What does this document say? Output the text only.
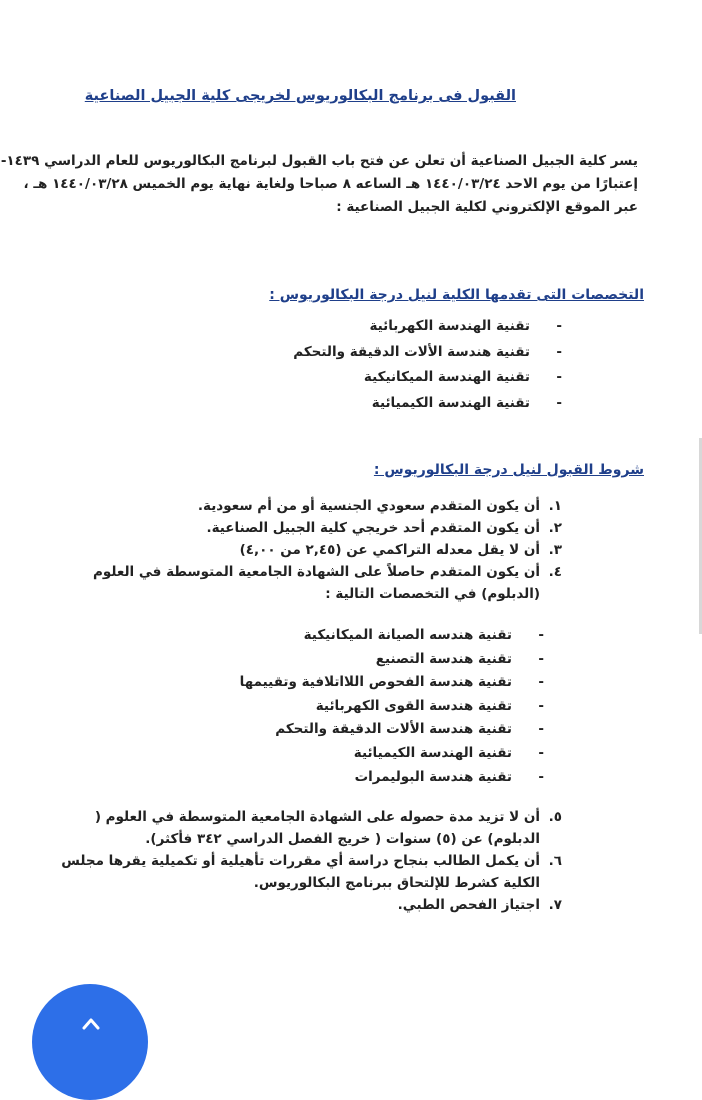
القبول فى برنامج البكالوريوس لخريجى كلية الجبيل الصناعية

يسر كلية الجبيل الصناعية أن تعلن عن فتح باب القبول لبرنامج البكالوريوس للعام الدراسي ١٤٣٩-

إعتبارًا من يوم الاحد ١٤٤٠/٠٣/٢٤ هـ الساعه ٨ صباحا ولغاية نهاية يوم الخميس ١٤٤٠/٠٣/٢٨ هـ ،

عبر الموقع الإلكتروني لكلية الجبيل الصناعية :

التخصصات التى تقدمها الكلية لنيل درجة البكالوريوس :
- تقنية الهندسة الكهربائية
- تقنية هندسة الألات الدقيقة والتحكم
- تقنية الهندسة الميكانيكية
- تقنية الهندسة الكيميائية
شروط القبول لنيل درجة البكالوريوس :
١.
أن يكون المتقدم سعودي الجنسية أو من أم سعودية.
٢.
أن يكون المتقدم أحد خريجي كلية الجبيل الصناعية.
٣.
أن لا يقل معدله التراكمي عن (٢,٤٥ من ٤,٠٠)
٤.
أن يكون المتقدم حاصلاً على الشهادة الجامعية المتوسطة في العلوم (الدبلوم) في التخصصات التالية :
- تقنية هندسه الصيانة الميكانيكية
- تقنية هندسة التصنيع
- تقنية هندسة الفحوص اللااتلافية وتقييمها
- تقنية هندسة القوى الكهربائية
- تقنية هندسة الألات الدقيقة والتحكم
- تقنية الهندسة الكيميائية
- تقنية هندسة البوليمرات
٥.
أن لا تزيد مدة حصوله على الشهادة الجامعية المتوسطة في العلوم ( الدبلوم) عن (٥) سنوات ( خريج الفصل الدراسي ٣٤٢ فأكثر).
٦.
أن يكمل الطالب بنجاح دراسة أي مقررات تأهيلية أو تكميلية يقرها مجلس الكلية كشرط للإلتحاق ببرنامج البكالوريوس.
٧.
اجتياز الفحص الطبي.
